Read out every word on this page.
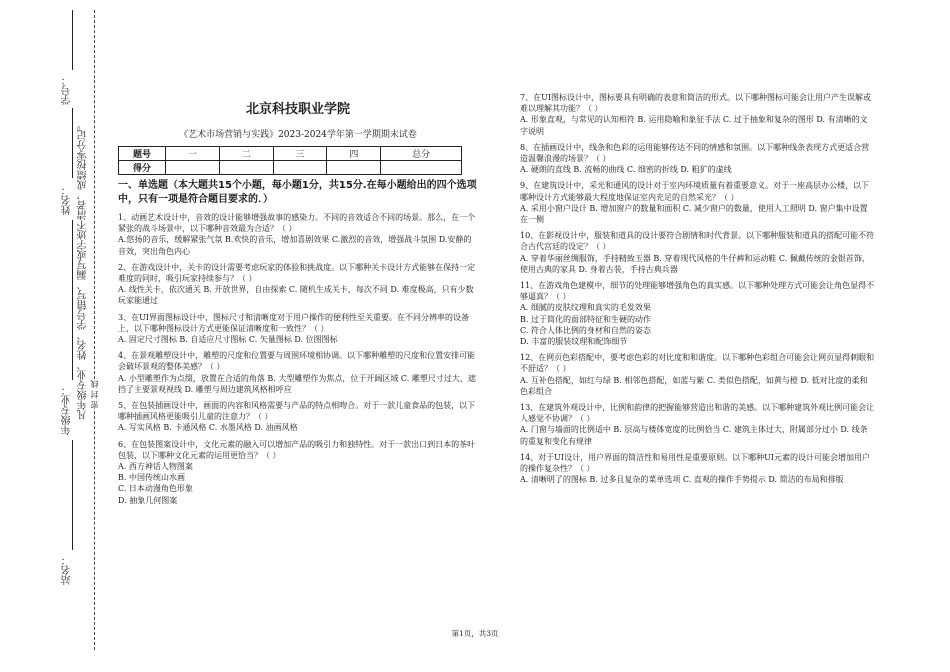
学号：
姓名：
年级专业：
站名：
凡年级专业、姓名、学号错写、漏写或字迹不清者，成绩按零分记。 密 封 线
北京科技职业学院
《艺术市场营销与实践》2023-2024学年第一学期期末试卷
题号	一	二	三	四	总分
得分					
一、单选题（本大题共15个小题，每小题1分，共15分.在每小题给出的四个选项中，只有一项是符合题目要求的．）
1、动画艺术设计中，音效的设计能够增强故事的感染力。不同的音效适合不同的场景。那么，在一个紧张的战斗场景中，以下哪种音效最为合适？（ ）
A.悠扬的音乐，缓解紧张气氛 B.欢快的音乐，增加喜剧效果 C.激烈的音效，增强战斗氛围 D.安静的音效，突出角色内心
2、在游戏设计中，关卡的设计需要考虑玩家的体验和挑战度。以下哪种关卡设计方式能够在保持一定难度的同时，吸引玩家持续参与？（ ）
A. 线性关卡，依次通关 B. 开放世界，自由探索 C. 随机生成关卡，每次不同 D. 难度极高，只有少数玩家能通过
3、在UI界面图标设计中，图标尺寸和清晰度对于用户操作的便利性至关重要。在不同分辨率的设备上，以下哪种图标设计方式更能保证清晰度和一致性？（ ）
A. 固定尺寸图标 B. 自适应尺寸图标 C. 矢量图标 D. 位图图标
4、在景观雕塑设计中，雕塑的尺度和位置要与周围环境相协调。以下哪种雕塑的尺度和位置安排可能会破坏景观的整体美感？（ ）
A. 小型雕塑作为点缀，放置在合适的角落 B. 大型雕塑作为焦点，位于开阔区域 C. 雕塑尺寸过大，遮挡了主要景观视线 D. 雕塑与周边建筑风格相呼应
5、在包装插画设计中，画面的内容和风格需要与产品的特点相吻合。对于一款儿童食品的包装，以下哪种插画风格更能吸引儿童的注意力？（ ）
A. 写实风格 B. 卡通风格 C. 水墨风格 D. 油画风格
6、在包装图案设计中，文化元素的融入可以增加产品的吸引力和独特性。对于一款出口到日本的茶叶包装，以下哪种文化元素的运用更恰当？（ ）
A. 西方神话人物图案
B. 中国传统山水画
C. 日本动漫角色形象
D. 抽象几何图案
7、在UI图标设计中，图标要具有明确的表意和简洁的形式。以下哪种图标可能会让用户产生误解或难以理解其功能？（ ）
A. 形象直观，与常见的认知相符 B. 运用隐喻和象征手法 C. 过于抽象和复杂的图形 D. 有清晰的文字说明
8、在插画设计中，线条和色彩的运用能够传达不同的情感和氛围。以下哪种线条表现方式更适合营造温馨浪漫的场景？（ ）
A. 硬朗的直线 B. 流畅的曲线 C. 细密的折线 D. 粗犷的虚线
9、在建筑设计中，采光和通风的设计对于室内环境质量有着重要意义。对于一座高层办公楼，以下哪种设计方式能够最大程度地保证室内充足的自然采光？（ ）
A. 采用小窗户设计 B. 增加窗户的数量和面积 C. 减少窗户的数量，使用人工照明 D. 窗户集中设置在一侧
10、在影视设计中，服装和道具的设计要符合剧情和时代背景。以下哪种服装和道具的搭配可能不符合古代宫廷的设定？（ ）
A. 穿着华丽丝绸服饰，手持精致玉器 B. 穿着现代风格的牛仔裤和运动鞋 C. 佩戴传统的金银首饰，使用古典的家具 D. 身着古装，手持古典兵器
11、在游戏角色建模中，细节的处理能够增强角色的真实感。以下哪种处理方式可能会让角色显得不够逼真？（ ）
A. 细腻的皮肤纹理和真实的毛发效果
B. 过于简化的面部特征和生硬的动作
C. 符合人体比例的身材和自然的姿态
D. 丰富的服装纹理和配饰细节
12、在网页色彩搭配中，要考虑色彩的对比度和和谐度。以下哪种色彩组合可能会让网页显得刺眼和不舒适？（ ）
A. 互补色搭配，如红与绿 B. 相邻色搭配，如蓝与紫 C. 类似色搭配，如黄与橙 D. 低对比度的柔和色彩组合
13、在建筑外观设计中，比例和韵律的把握能够营造出和谐的美感。以下哪种建筑外观比例可能会让人感觉不协调？（ ）
A. 门窗与墙面的比例适中 B. 层高与楼体宽度的比例恰当 C. 建筑主体过大，附属部分过小 D. 线条的重复和变化有规律
14、对于UI设计，用户界面的简洁性和易用性是重要原则。以下哪种UI元素的设计可能会增加用户的操作复杂性？（ ）
A. 清晰明了的图标 B. 过多且复杂的菜单选项 C. 直观的操作手势提示 D. 简洁的布局和排版
第1页，共3页
